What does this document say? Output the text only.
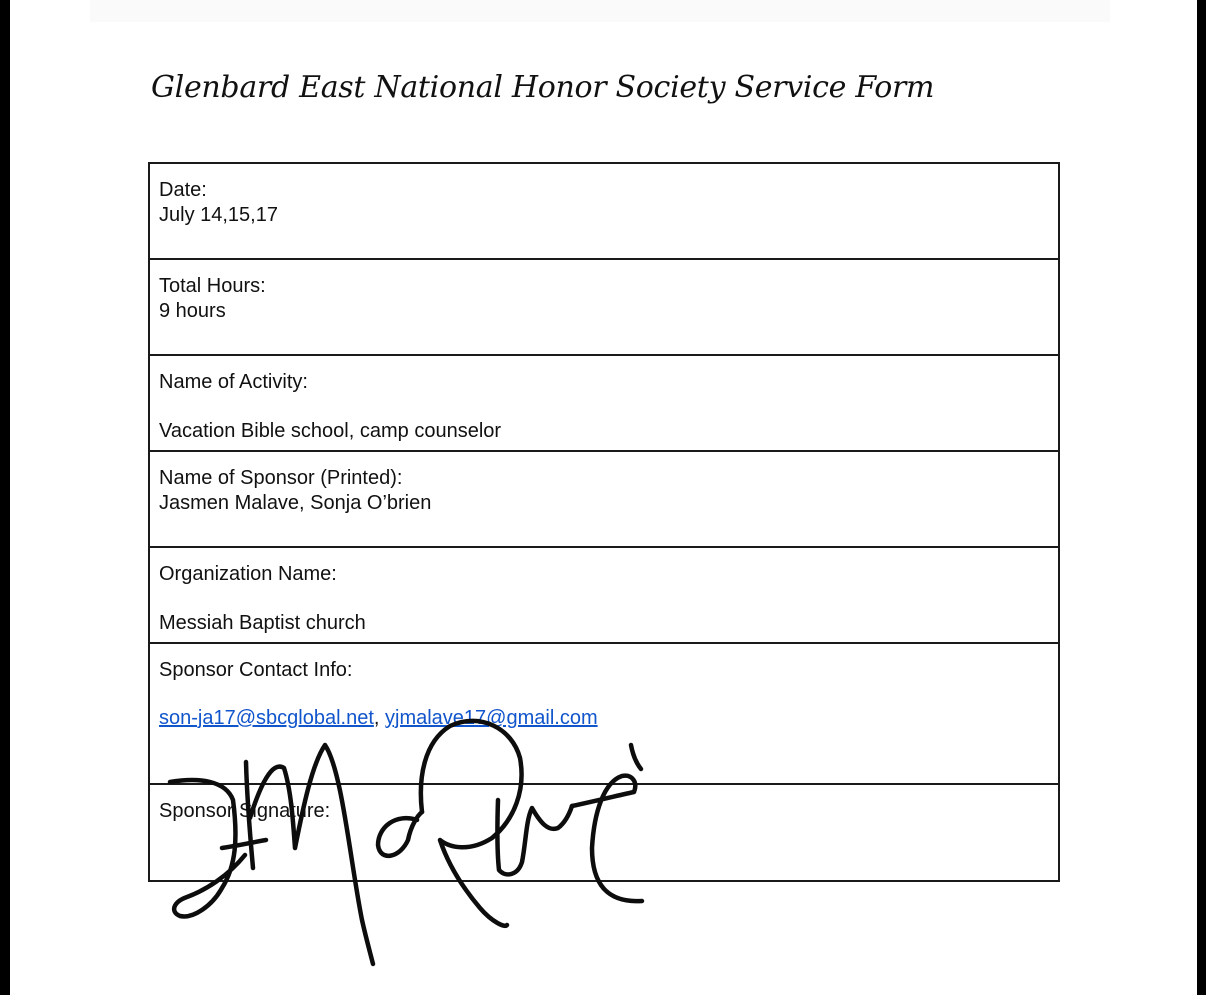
Glenbard East National Honor Society Service Form
Date:
July 14,15,17
Total Hours:
9 hours
Name of Activity:
Vacation Bible school, camp counselor
Name of Sponsor (Printed):
Jasmen Malave, Sonja O’brien
Organization Name:
Messiah Baptist church
Sponsor Contact Info:
son-ja17@sbcglobal.net, yjmalave17@gmail.com
Sponsor Signature:
